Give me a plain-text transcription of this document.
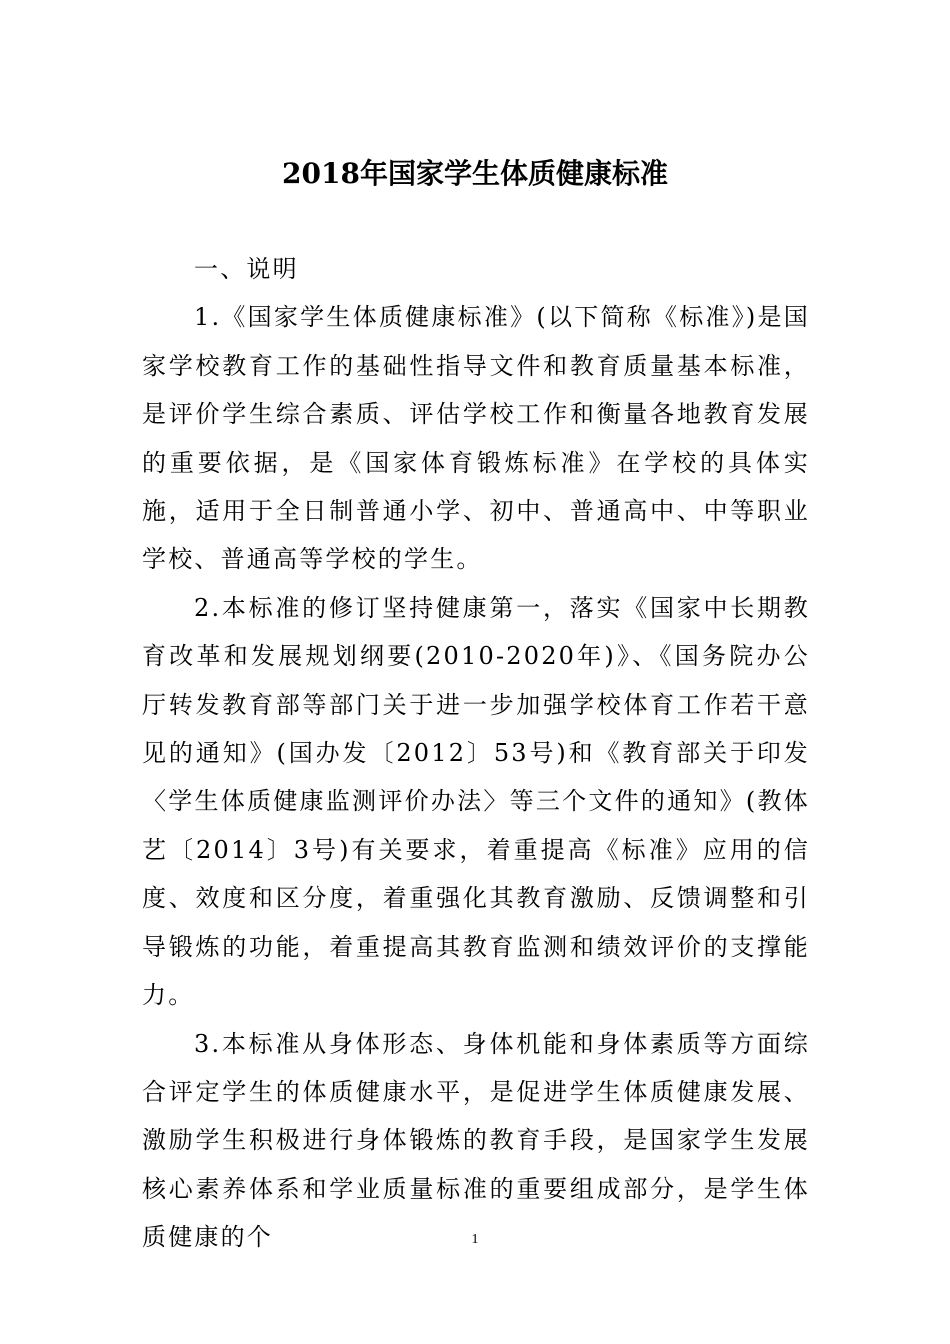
2018年国家学生体质健康标准

一、说明

1.《国家学生体质健康标准》(以下简称《标准》)是国家学校教育工作的基础性指导文件和教育质量基本标准，是评价学生综合素质、评估学校工作和衡量各地教育发展的重要依据，是《国家体育锻炼标准》在学校的具体实施，适用于全日制普通小学、初中、普通高中、中等职业学校、普通高等学校的学生。

2.本标准的修订坚持健康第一，落实《国家中长期教育改革和发展规划纲要(2010-2020年)》、《国务院办公厅转发教育部等部门关于进一步加强学校体育工作若干意见的通知》(国办发〔2012〕53号)和《教育部关于印发〈学生体质健康监测评价办法〉等三个文件的通知》(教体艺〔2014〕3号)有关要求，着重提高《标准》应用的信度、效度和区分度，着重强化其教育激励、反馈调整和引导锻炼的功能，着重提高其教育监测和绩效评价的支撑能力。

3.本标准从身体形态、身体机能和身体素质等方面综合评定学生的体质健康水平，是促进学生体质健康发展、激励学生积极进行身体锻炼的教育手段，是国家学生发展核心素养体系和学业质量标准的重要组成部分，是学生体质健康的个	1
